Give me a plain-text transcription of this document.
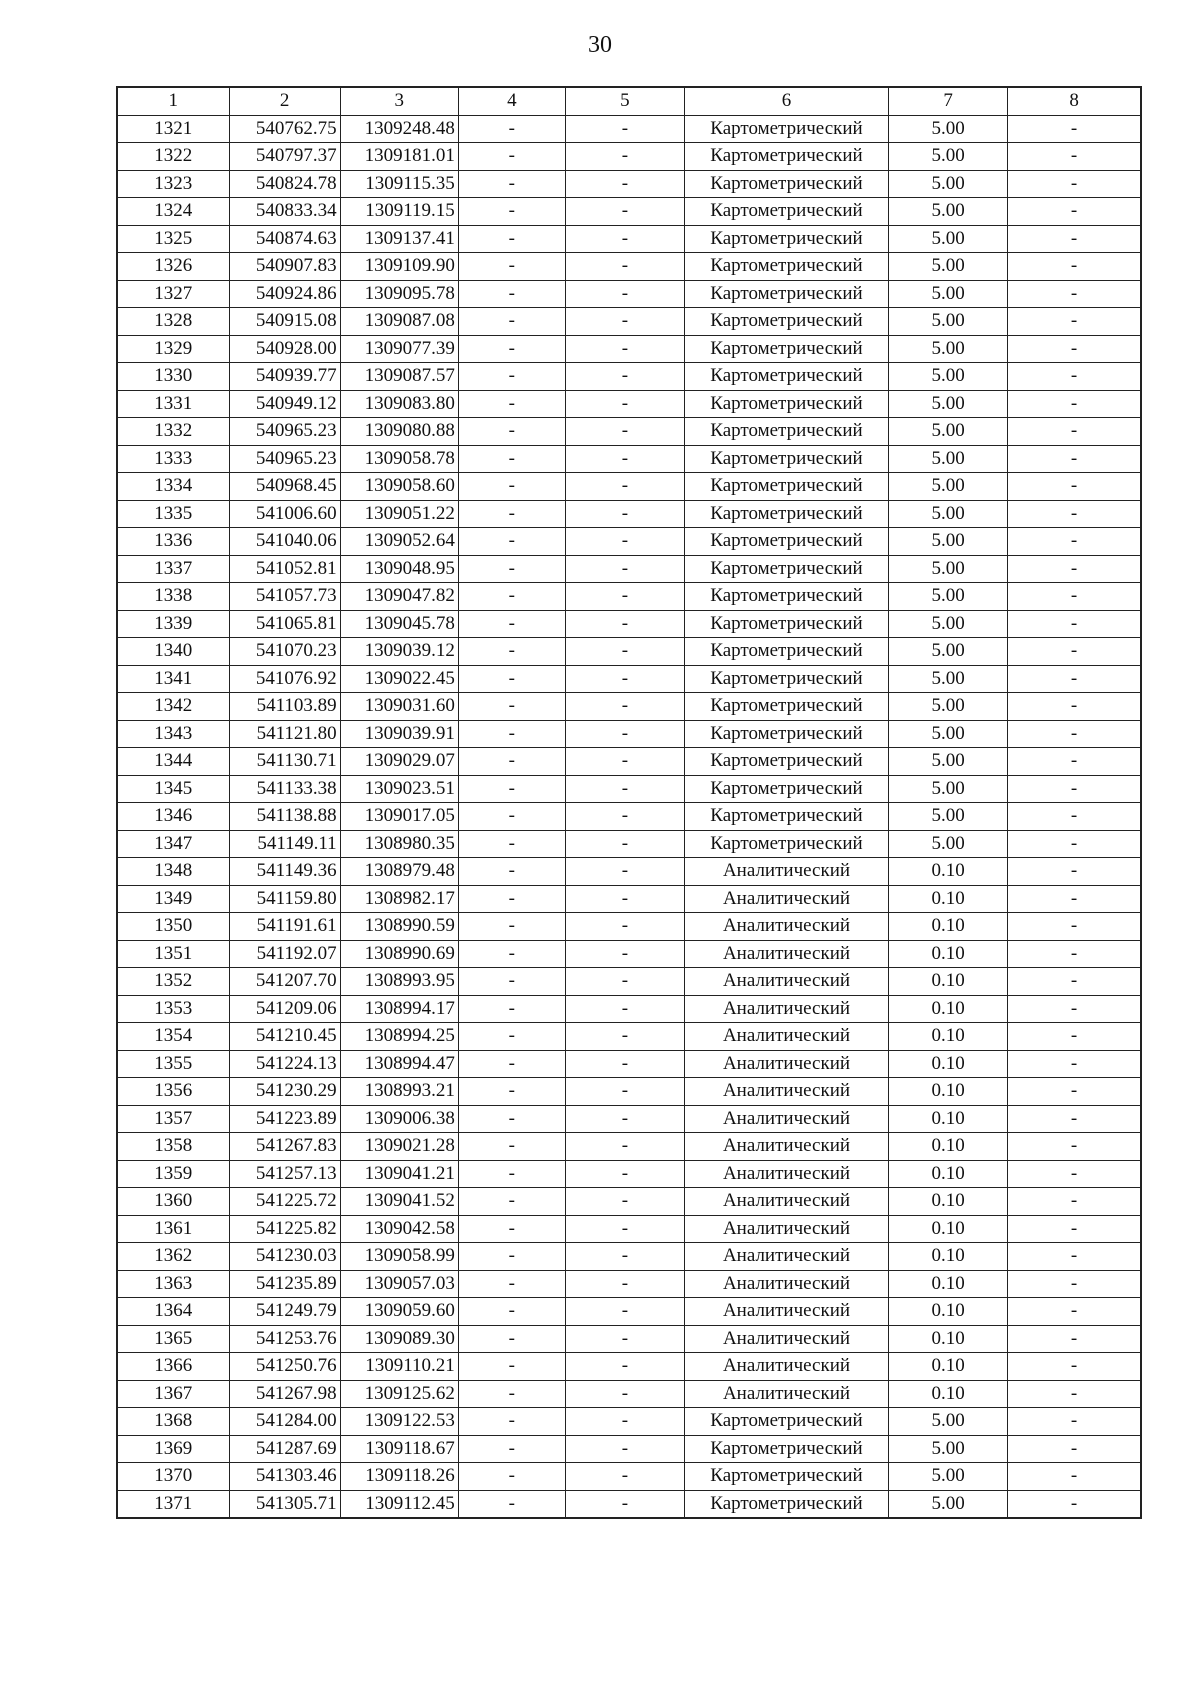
30
1	2	3	4	5	6	7	8
1321	540762.75	1309248.48	-	-	Картометрический	5.00	-
1322	540797.37	1309181.01	-	-	Картометрический	5.00	-
1323	540824.78	1309115.35	-	-	Картометрический	5.00	-
1324	540833.34	1309119.15	-	-	Картометрический	5.00	-
1325	540874.63	1309137.41	-	-	Картометрический	5.00	-
1326	540907.83	1309109.90	-	-	Картометрический	5.00	-
1327	540924.86	1309095.78	-	-	Картометрический	5.00	-
1328	540915.08	1309087.08	-	-	Картометрический	5.00	-
1329	540928.00	1309077.39	-	-	Картометрический	5.00	-
1330	540939.77	1309087.57	-	-	Картометрический	5.00	-
1331	540949.12	1309083.80	-	-	Картометрический	5.00	-
1332	540965.23	1309080.88	-	-	Картометрический	5.00	-
1333	540965.23	1309058.78	-	-	Картометрический	5.00	-
1334	540968.45	1309058.60	-	-	Картометрический	5.00	-
1335	541006.60	1309051.22	-	-	Картометрический	5.00	-
1336	541040.06	1309052.64	-	-	Картометрический	5.00	-
1337	541052.81	1309048.95	-	-	Картометрический	5.00	-
1338	541057.73	1309047.82	-	-	Картометрический	5.00	-
1339	541065.81	1309045.78	-	-	Картометрический	5.00	-
1340	541070.23	1309039.12	-	-	Картометрический	5.00	-
1341	541076.92	1309022.45	-	-	Картометрический	5.00	-
1342	541103.89	1309031.60	-	-	Картометрический	5.00	-
1343	541121.80	1309039.91	-	-	Картометрический	5.00	-
1344	541130.71	1309029.07	-	-	Картометрический	5.00	-
1345	541133.38	1309023.51	-	-	Картометрический	5.00	-
1346	541138.88	1309017.05	-	-	Картометрический	5.00	-
1347	541149.11	1308980.35	-	-	Картометрический	5.00	-
1348	541149.36	1308979.48	-	-	Аналитический	0.10	-
1349	541159.80	1308982.17	-	-	Аналитический	0.10	-
1350	541191.61	1308990.59	-	-	Аналитический	0.10	-
1351	541192.07	1308990.69	-	-	Аналитический	0.10	-
1352	541207.70	1308993.95	-	-	Аналитический	0.10	-
1353	541209.06	1308994.17	-	-	Аналитический	0.10	-
1354	541210.45	1308994.25	-	-	Аналитический	0.10	-
1355	541224.13	1308994.47	-	-	Аналитический	0.10	-
1356	541230.29	1308993.21	-	-	Аналитический	0.10	-
1357	541223.89	1309006.38	-	-	Аналитический	0.10	-
1358	541267.83	1309021.28	-	-	Аналитический	0.10	-
1359	541257.13	1309041.21	-	-	Аналитический	0.10	-
1360	541225.72	1309041.52	-	-	Аналитический	0.10	-
1361	541225.82	1309042.58	-	-	Аналитический	0.10	-
1362	541230.03	1309058.99	-	-	Аналитический	0.10	-
1363	541235.89	1309057.03	-	-	Аналитический	0.10	-
1364	541249.79	1309059.60	-	-	Аналитический	0.10	-
1365	541253.76	1309089.30	-	-	Аналитический	0.10	-
1366	541250.76	1309110.21	-	-	Аналитический	0.10	-
1367	541267.98	1309125.62	-	-	Аналитический	0.10	-
1368	541284.00	1309122.53	-	-	Картометрический	5.00	-
1369	541287.69	1309118.67	-	-	Картометрический	5.00	-
1370	541303.46	1309118.26	-	-	Картометрический	5.00	-
1371	541305.71	1309112.45	-	-	Картометрический	5.00	-
